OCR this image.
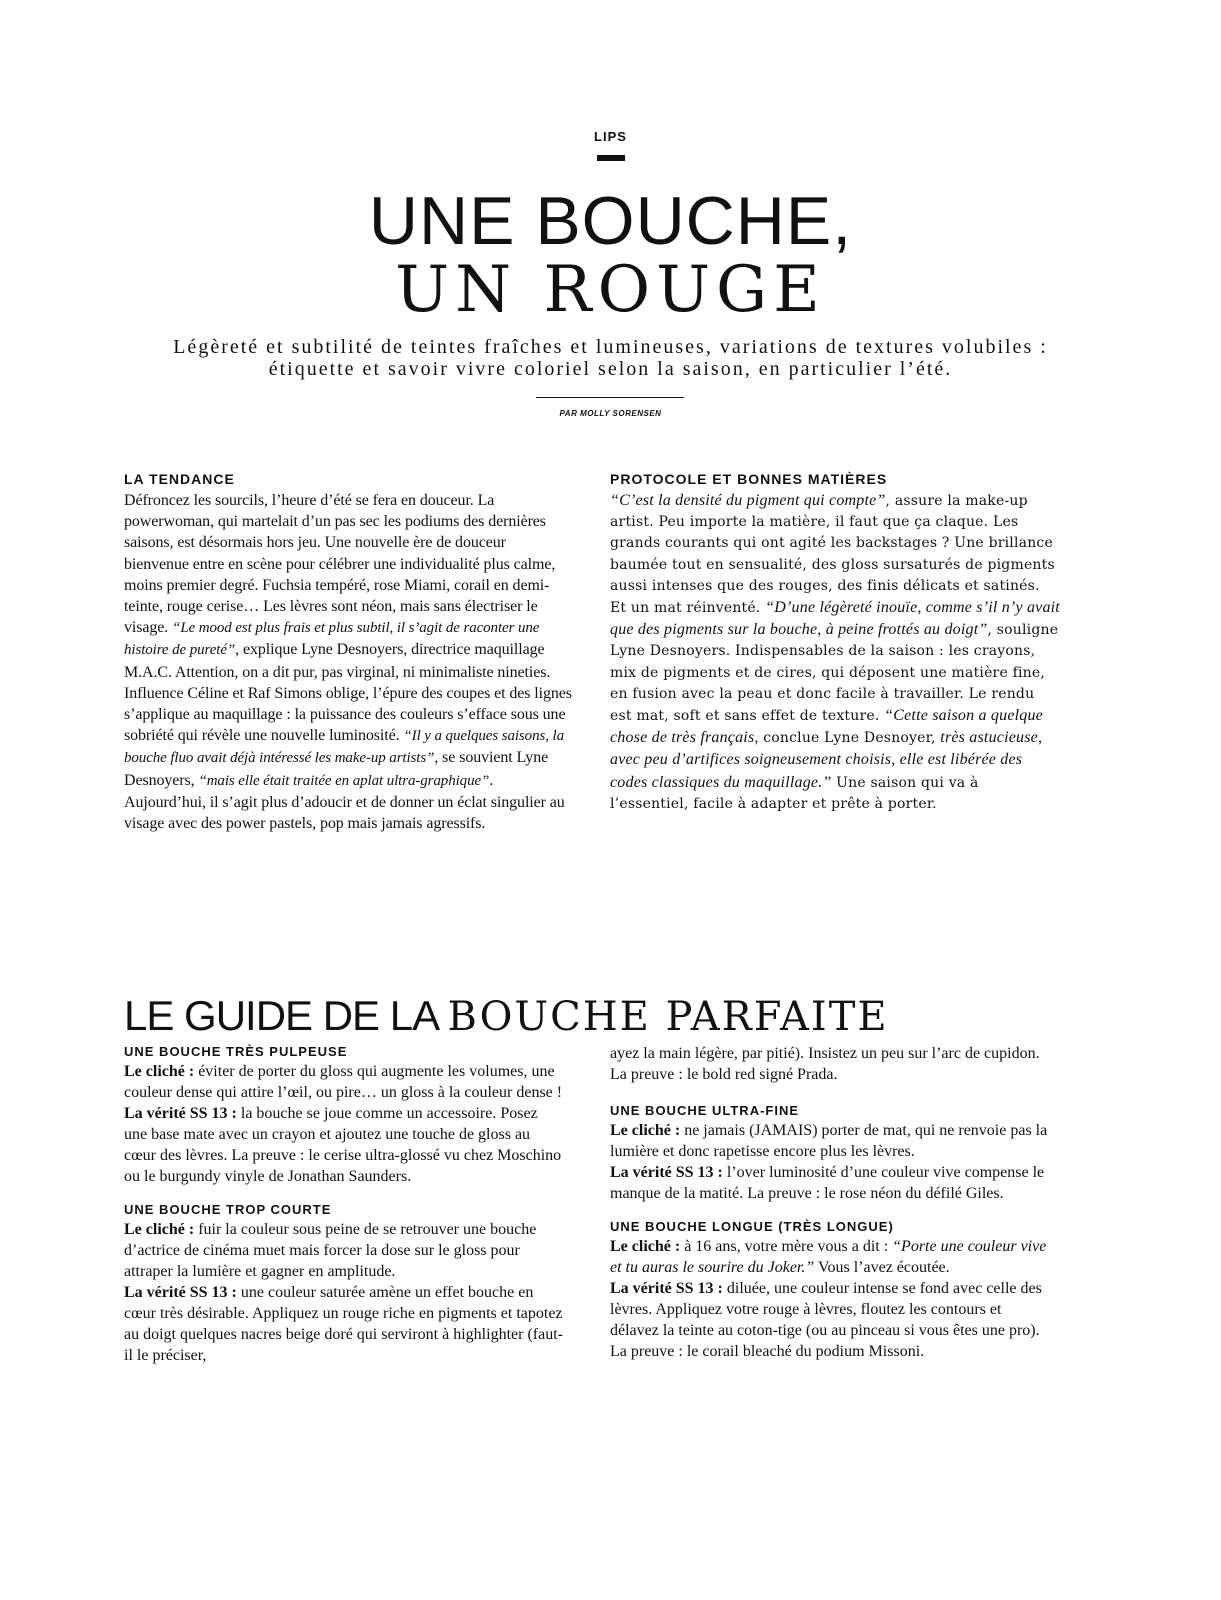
LIPS
UNE BOUCHE,
UN ROUGE
Légèreté et subtilité de teintes fraîches et lumineuses, variations de textures volubiles :
étiquette et savoir vivre coloriel selon la saison, en particulier l’été.
PAR MOLLY SORENSEN
LA TENDANCE

Défroncez les sourcils, l’heure d’été se fera en douceur. La powerwoman, qui martelait d’un pas sec les podiums des dernières saisons, est désormais hors jeu. Une nouvelle ère de douceur bienvenue entre en scène pour célébrer une individualité plus calme, moins premier degré. Fuchsia tempéré, rose Miami, corail en demi-teinte, rouge cerise… Les lèvres sont néon, mais sans électriser le visage. “Le mood est plus frais et plus subtil, il s’agit de raconter une histoire de pureté”, explique Lyne Desnoyers, directrice maquillage M.A.C. Attention, on a dit pur, pas virginal, ni minimaliste nineties. Influence Céline et Raf Simons oblige, l’épure des coupes et des lignes s’applique au maquillage : la puissance des couleurs s’efface sous une sobriété qui révèle une nouvelle luminosité. “Il y a quelques saisons, la bouche fluo avait déjà intéressé les make-up artists”, se souvient Lyne Desnoyers, “mais elle était traitée en aplat ultra-graphique”. Aujourd’hui, il s’agit plus d’adoucir et de donner un éclat singulier au visage avec des power pastels, pop mais jamais agressifs.

PROTOCOLE ET BONNES MATIÈRES

“C’est la densité du pigment qui compte”, assure la make-up artist. Peu importe la matière, il faut que ça claque. Les grands courants qui ont agité les backstages ? Une brillance baumée tout en sensualité, des gloss sursaturés de pigments aussi intenses que des rouges, des finis délicats et satinés. Et un mat réinventé. “D’une légèreté inouïe, comme s’il n’y avait que des pigments sur la bouche, à peine frottés au doigt”, souligne Lyne Desnoyers. Indispensables de la saison : les crayons, mix de pigments et de cires, qui déposent une matière fine, en fusion avec la peau et donc facile à travailler. Le rendu est mat, soft et sans effet de texture. “Cette saison a quelque chose de très français, conclue Lyne Desnoyer, très astucieuse, avec peu d’artifices soigneusement choisis, elle est libérée des codes classiques du maquillage.” Une saison qui va à l’essentiel, facile à adapter et prête à porter.

LE GUIDE DE LA BOUCHE PARFAITE
UNE BOUCHE TRÈS PULPEUSE

Le cliché : éviter de porter du gloss qui augmente les volumes, une couleur dense qui attire l’œil, ou pire… un gloss à la couleur dense !

La vérité SS 13 : la bouche se joue comme un accessoire. Posez une base mate avec un crayon et ajoutez une touche de gloss au cœur des lèvres. La preuve : le cerise ultra-glossé vu chez Moschino ou le burgundy vinyle de Jonathan Saunders.

UNE BOUCHE TROP COURTE

Le cliché : fuir la couleur sous peine de se retrouver une bouche d’actrice de cinéma muet mais forcer la dose sur le gloss pour attraper la lumière et gagner en amplitude.

La vérité SS 13 : une couleur saturée amène un effet bouche en cœur très désirable. Appliquez un rouge riche en pigments et tapotez au doigt quelques nacres beige doré qui serviront à highlighter (faut-il le préciser,

ayez la main légère, par pitié). Insistez un peu sur l’arc de cupidon. La preuve : le bold red signé Prada.

UNE BOUCHE ULTRA-FINE

Le cliché : ne jamais (JAMAIS) porter de mat, qui ne renvoie pas la lumière et donc rapetisse encore plus les lèvres.

La vérité SS 13 : l’over luminosité d’une couleur vive compense le manque de la matité. La preuve : le rose néon du défilé Giles.

UNE BOUCHE LONGUE (TRÈS LONGUE)

Le cliché : à 16 ans, votre mère vous a dit : “Porte une couleur vive et tu auras le sourire du Joker.” Vous l’avez écoutée.

La vérité SS 13 : diluée, une couleur intense se fond avec celle des lèvres. Appliquez votre rouge à lèvres, floutez les contours et délavez la teinte au coton-tige (ou au pinceau si vous êtes une pro). La preuve : le corail bleaché du podium Missoni.
